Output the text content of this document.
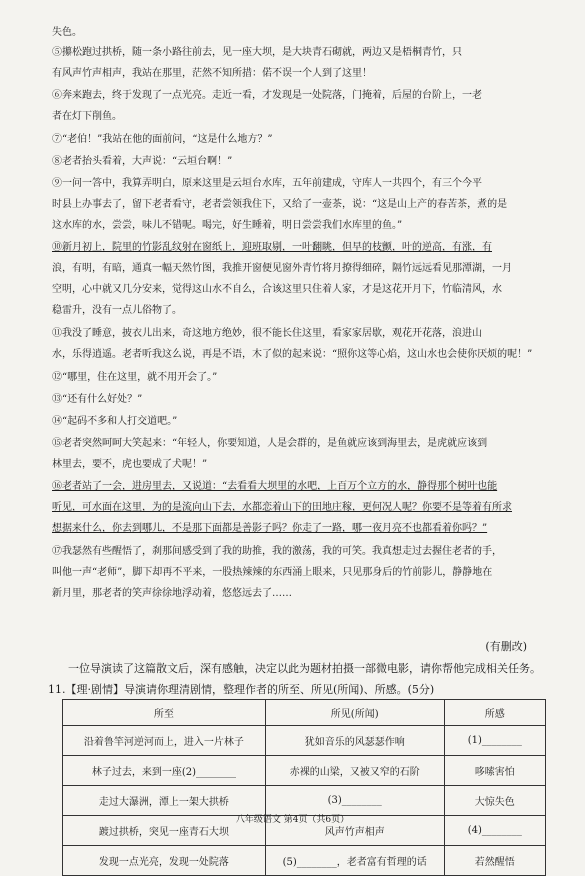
失色。
⑤攥松跑过拱桥，随一条小路往前去，见一座大坝，是大块青石砌就，两边又是梧桐青竹，只
有风声竹声相声，我站在那里，茫然不知所措：偌不误一个人到了这里！
⑥奔来跑去，终于发现了一点光亮。走近一看，才发现是一处院落，门掩着，后屋的台阶上，一老
者在灯下削鱼。
⑦“老伯！”我站在他的面前问，“这是什么地方？”
⑧老者抬头看着，大声说：“云垣台啊！”
⑨一问一答中，我算弄明白，原来这里是云垣台水库，五年前建成，守库人一共四个，有三个今平
时县上办事去了，留下老者看守，老者尝领我住下，又给了一壶茶，说：“这是山上产的春苦茶，煮的是
这水库的水，尝尝，味儿不错呢。喝完，好生睡着，明日尝尝我们水库里的鱼。”
⑩新月初上，院里的竹影乱纹射在窗纸上，迎班取剔，一叶翻眺，但早的枝颤，叶的逆高，有涨，有
浪，有明，有暗，通真一幅天然竹图，我推开窗便见窗外青竹将月撩得细碎，隔竹远远看见那潭湖，一月
空明，心中就又几分安来，觉得这山水不自么，合该这里只住着人家，才是这花开月下，竹临清风，水
稳雷升，没有一点儿俗物了。
⑪我没了睡意，披衣儿出来，奇这地方绝妙，很不能长住这里，看家家居歇，观花开花落，浪进山
水，乐得逍遥。老者听我这么说，再是不语，木了似的起来说：“照你这等心焰，这山水也会使你厌烦的呢！”
⑫“哪里，住在这里，就不用开会了。”
⑬“还有什么好处？”
⑭“起码不多和人打交道吧。”
⑮老者突然呵呵大笑起来：“年轻人，你要知道，人是会群的，是鱼就应该到海里去，是虎就应该到
林里去，要不，虎也要成了犬呢！”
⑯老者站了一会，进房里去，又说道：“去看看大坝里的水吧，上百万个立方的水，静得那个树叶也能
听见，可水面在这里，为的是流向山下去，水都恋着山下的田地庄稼，更何况人呢？你要不是等着有所求
想据来什么，你去到哪儿，不是那下面都是善影子吗？你走了一路，哪一夜月亮不也都看着你吗？”
⑰我瑟然有些醒悟了，刹那间感受到了我的助推，我的激荡，我的可笑。我真想走过去握住老者的手，
叫他一声“老师”，脚下却再不平来，一股热辣辣的东西涌上眼来，只见那身后的竹前影儿，静静地在
新月里，那老者的笑声徐徐地浮动着，悠悠远去了……
(有删改)
一位导演读了这篇散文后，深有感触，决定以此为题材拍摄一部微电影，请你帮他完成相关任务。
11.【理·剧情】导演请你理清剧情，整理作者的所至、所见(所闻)、所感。(5分)
所至	所见(所闻)	所感
沿着鲁竿河逆河而上，进入一片林子	犹如音乐的风瑟瑟作响	(1)________
林子过去，来到一座(2)________	赤裸的山梁，又被又窄的石阶	哆嗦害怕
走过大瀑洲，潭上一架大拱桥	(3)________	大惊失色
踱过拱桥，突见一座青石大坝	风声竹声相声	(4)________
发现一点光亮，发现一处院落	(5)________，老者富有哲理的话	若然醒悟
八年级语文 第4页（共6页）
